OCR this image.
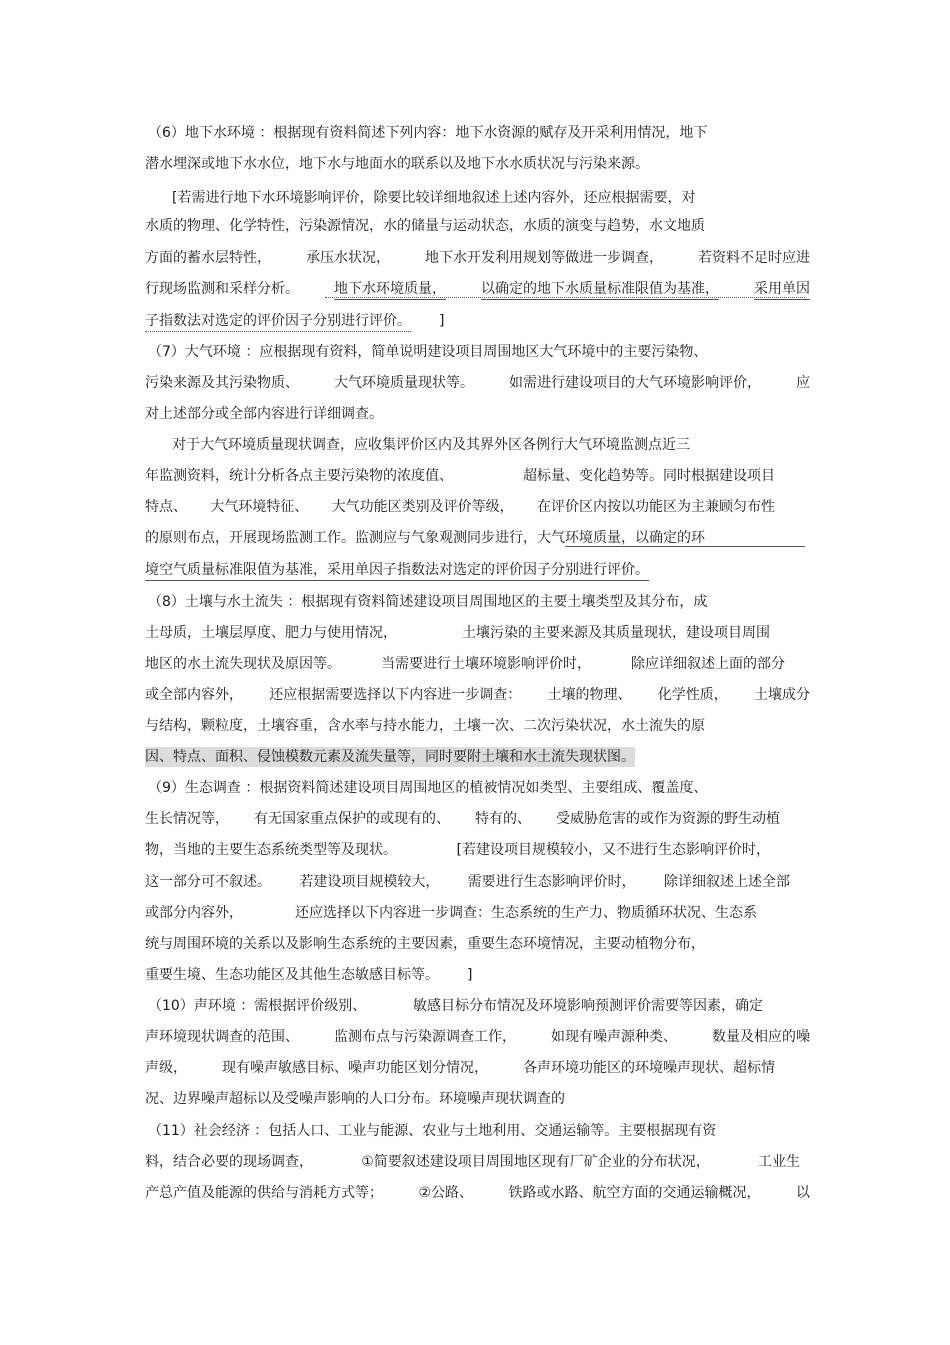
（6）地下水环境 ：根据现有资料简述下列内容：地下水资源的赋存及开采利用情况，地下
潜水埋深或地下水水位，地下水与地面水的联系以及地下水水质状况与污染来源。
[若需进行地下水环境影响评价，除要比较详细地叙述上述内容外，还应根据需要，对
水质的物理、化学特性，污染源情况，水的储量与运动状态，水质的演变与趋势，水文地质
方面的蓄水层特性，	承压水状况，	地下水开发利用规划等做进一步调查，	若资料不足时应进
行现场监测和采样分析。	地下水环境质量，	以确定的地下水质量标准限值为基准，	采用单因
子指数法对选定的评价因子分别进行评价。 ]
（7）大气环境 ：应根据现有资料，简单说明建设项目周围地区大气环境中的主要污染物、
污染来源及其污染物质、	大气环境质量现状等。	如需进行建设项目的大气环境影响评价，	应
对上述部分或全部内容进行详细调查。
对于大气环境质量现状调查，应收集评价区内及其界外区各例行大气环境监测点近三
年监测资料，统计分析各点主要污染物的浓度值、	超标量、变化趋势等。同时根据建设项目
特点、 大气环境特征、 大气功能区类别及评价等级， 在评价区内按以功能区为主兼顾匀布性
的原则布点，开展现场监测工作。监测应与气象观测同步进行，大气环境质量，以确定的环
境空气质量标准限值为基准，采用单因子指数法对选定的评价因子分别进行评价。
（8）土壤与水土流失 ：根据现有资料简述建设项目周围地区的主要土壤类型及其分布，成
土母质，土壤层厚度、肥力与使用情况，	土壤污染的主要来源及其质量现状，建设项目周围
地区的水土流失现状及原因等。	当需要进行土壤环境影响评价时，	除应详细叙述上面的部分
或全部内容外， 还应根据需要选择以下内容进一步调查： 土壤的物理、 化学性质， 土壤成分
与结构，颗粒度，土壤容重，含水率与持水能力，土壤一次、二次污染状况，水土流失的原
因、特点、面积、侵蚀模数元素及流失量等，同时要附土壤和水土流失现状图。
（9）生态调查 ：根据资料简述建设项目周围地区的植被情况如类型、主要组成、覆盖度、
生长情况等， 有无国家重点保护的或现有的、 特有的、 受威胁危害的或作为资源的野生动植
物，当地的主要生态系统类型等及现状。	[若建设项目规模较小，又不进行生态影响评价时，
这一部分可不叙述。 若建设项目规模较大， 需要进行生态影响评价时， 除详细叙述上述全部
或部分内容外，	还应选择以下内容进一步调查：生态系统的生产力、物质循环状况、生态系
统与周围环境的关系以及影响生态系统的主要因素，重要生态环境情况，主要动植物分布，
重要生境、生态功能区及其他生态敏感目标等。 ]
（10）声环境 ：需根据评价级别、	敏感目标分布情况及环境影响预测评价需要等因素，确定
声环境现状调查的范围、	监测布点与污染源调查工作，	如现有噪声源种类、	数量及相应的噪
声级，	现有噪声敏感目标、噪声功能区划分情况，	各声环境功能区的环境噪声现状、超标情
况、边界噪声超标以及受噪声影响的人口分布。环境噪声现状调查的
（11）社会经济 ：包括人口、工业与能源、农业与土地利用、交通运输等。主要根据现有资
料，结合必要的现场调查，	①简要叙述建设项目周围地区现有厂矿企业的分布状况，	工业生
产总产值及能源的供给与消耗方式等；	②公路、	铁路或水路、航空方面的交通运输概况，	以
